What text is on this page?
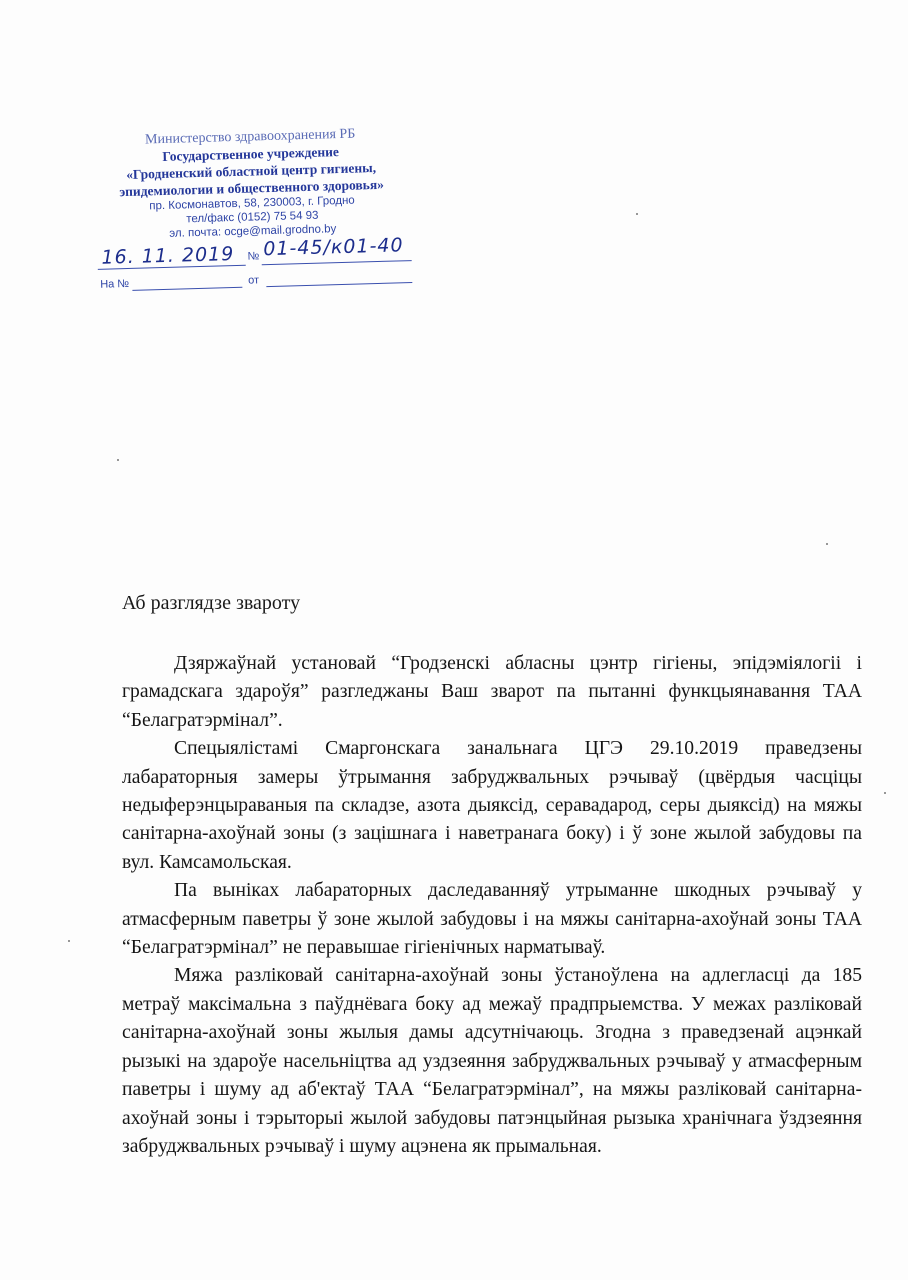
Министерство здравоохранения РБ
Государственное учреждение
«Гродненский областной центр гигиены,
эпидемиологии и общественного здоровья»
пр. Космонавтов, 58, 230003, г. Гродно
тел/факс (0152) 75 54 93
эл. почта: ocge@mail.grodno.by
16. 11. 2019 № 01-45/к01-40
На №	от
Аб разглядзе звароту

Дзяржаўнай установай “Гродзенскі абласны цэнтр гігіены, эпідэміялогіі і грамадскага здароўя” разгледжаны Ваш зварот па пытанні функцыянавання ТАА “Белагратэрмінал”.

Спецыялістамі Смаргонскага занальнага ЦГЭ 29.10.2019 праведзены лабараторныя замеры ўтрымання забруджвальных рэчываў (цвёрдыя часціцы недыферэнцыраваныя па складзе, азота дыяксід, серавадарод, серы дыяксід) на мяжы санітарна-ахоўнай зоны (з зацішнага і наветранага боку) і ў зоне жылой забудовы па вул. Камсамольская.

Па выніках лабараторных даследаванняў утрыманне шкодных рэчываў у атмасферным паветры ў зоне жылой забудовы і на мяжы санітарна-ахоўнай зоны ТАА “Белагратэрмінал” не перавышае гігіенічных нарматываў.

Мяжа разліковай санітарна-ахоўнай зоны ўстаноўлена на адлегласці да 185 метраў максімальна з паўднёвага боку ад межаў прадпрыемства. У межах разліковай санітарна-ахоўнай зоны жылыя дамы адсутнічаюць. Згодна з праведзенай ацэнкай рызыкі на здароўе насельніцтва ад уздзеяння забруджвальных рэчываў у атмасферным паветры і шуму ад аб'ектаў ТАА “Белагратэрмінал”, на мяжы разліковай санітарна-ахоўнай зоны і тэрыторыі жылой забудовы патэнцыйная рызыка хранічнага ўздзеяння забруджвальных рэчываў і шуму ацэнена як прымальная.
